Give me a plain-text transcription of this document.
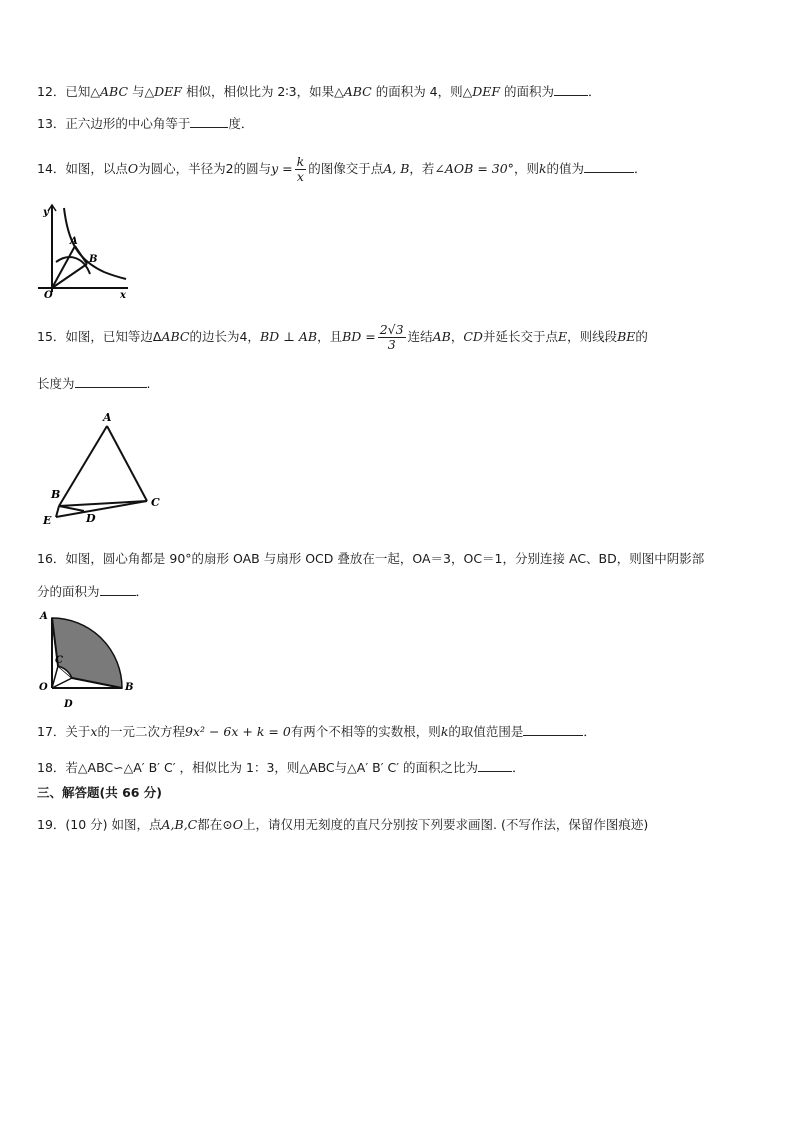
12．已知△ABC 与△DEF 相似，相似比为 2∶3，如果△ABC 的面积为 4，则△DEF 的面积为	．
13．正六边形的中心角等于	度．
14．如图，以点O为圆心，半径为2的圆与$y = \frac{k}{x}$ 的图像交于点A, B，若∠AOB = 30°，则k的值为	．
y
x
O
A
B
15．如图，已知等边ΔABC的边长为4，BD ⊥ AB，且BD = $\frac{2√3}{3}$ 连结AB，CD并延长交于点E，则线段BE的
长度为	.
A
B
C
D
E
16．如图，圆心角都是 90°的扇形 OAB 与扇形 OCD 叠放在一起，OA＝3，OC＝1，分别连接 AC、BD，则图中阴影部
分的面积为	．
A
B
C
D
O
17．关于x的一元二次方程9x² − 6x + k = 0有两个不相等的实数根，则k的取值范围是	．
18．若△ABC∽△A′ B′ C′ ，相似比为 1：3，则△ABC与△A′ B′ C′ 的面积之比为	．
三、解答题(共 66 分)
19．(10 分) 如图，点A,B,C都在⊙O上，请仅用无刻度的直尺分别按下列要求画图. (不写作法，保留作图痕迹)
